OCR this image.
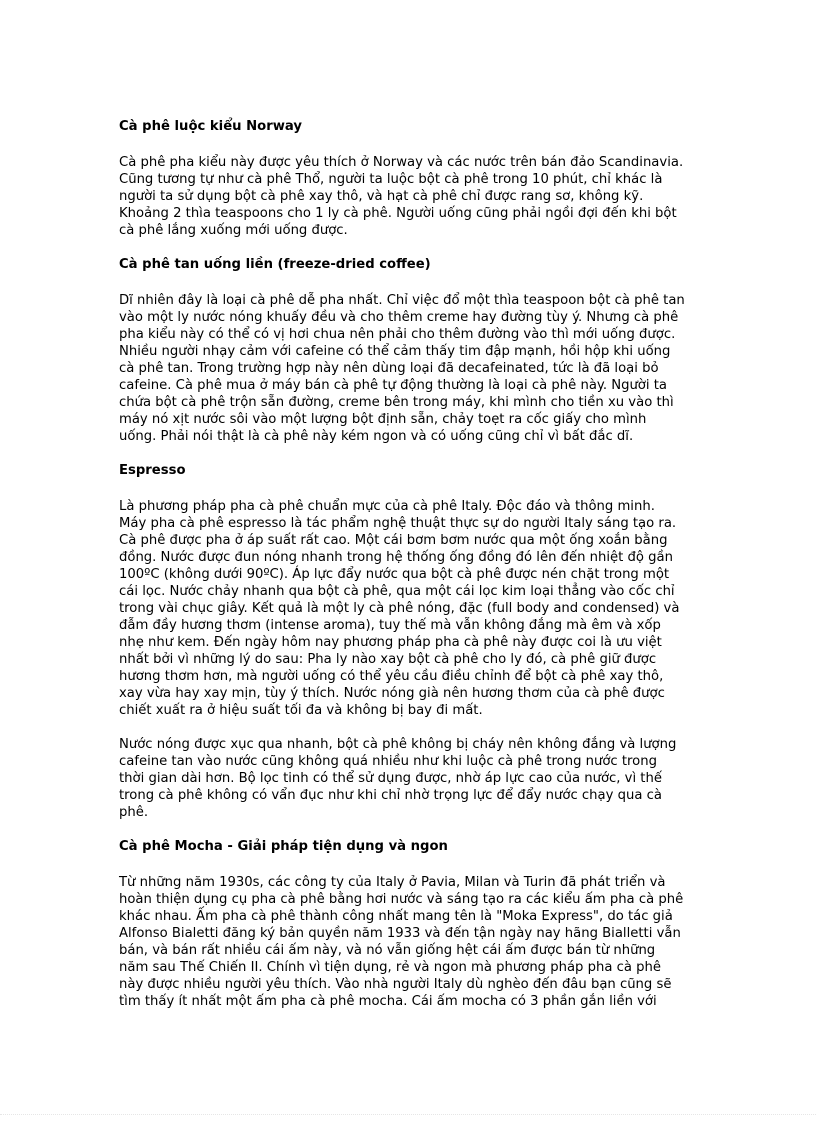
Cà phê luộc kiểu Norway
Cà phê pha kiểu này được yêu thích ở Norway và các nước trên bán đảo Scandinavia.
Cũng tương tự như cà phê Thổ, người ta luộc bột cà phê trong 10 phút, chỉ khác là
người ta sử dụng bột cà phê xay thô, và hạt cà phê chỉ được rang sơ, không kỹ.
Khoảng 2 thìa teaspoons cho 1 ly cà phê. Người uống cũng phải ngồi đợi đến khi bột
cà phê lắng xuống mới uống được.
Cà phê tan uống liền (freeze-dried coffee)
Dĩ nhiên đây là loại cà phê dễ pha nhất. Chỉ việc đổ một thìa teaspoon bột cà phê tan
vào một ly nước nóng khuấy đều và cho thêm creme hay đường tùy ý. Nhưng cà phê
pha kiểu này có thể có vị hơi chua nên phải cho thêm đường vào thì mới uống được.
Nhiều người nhạy cảm với cafeine có thể cảm thấy tim đập mạnh, hồi hộp khi uống
cà phê tan. Trong trường hợp này nên dùng loại đã decafeinated, tức là đã loại bỏ
cafeine. Cà phê mua ở máy bán cà phê tự động thường là loại cà phê này. Người ta
chứa bột cà phê trộn sẵn đường, creme bên trong máy, khi mình cho tiền xu vào thì
máy nó xịt nước sôi vào một lượng bột định sẵn, chảy toẹt ra cốc giấy cho mình
uống. Phải nói thật là cà phê này kém ngon và có uống cũng chỉ vì bất đắc dĩ.
Espresso
Là phương pháp pha cà phê chuẩn mực của cà phê Italy. Độc đáo và thông minh.
Máy pha cà phê espresso là tác phẩm nghệ thuật thực sự do người Italy sáng tạo ra.
Cà phê được pha ở áp suất rất cao. Một cái bơm bơm nước qua một ống xoắn bằng
đồng. Nước được đun nóng nhanh trong hệ thống ống đồng đó lên đến nhiệt độ gần
100ºC (không dưới 90ºC). Áp lực đẩy nước qua bột cà phê được nén chặt trong một
cái lọc. Nước chảy nhanh qua bột cà phê, qua một cái lọc kim loại thẳng vào cốc chỉ
trong vài chục giây. Kết quả là một ly cà phê nóng, đặc (full body and condensed) và
đẫm đầy hương thơm (intense aroma), tuy thế mà vẫn không đắng mà êm và xốp
nhẹ như kem. Đến ngày hôm nay phương pháp pha cà phê này được coi là ưu việt
nhất bởi vì những lý do sau: Pha ly nào xay bột cà phê cho ly đó, cà phê giữ được
hương thơm hơn, mà người uống có thể yêu cầu điều chỉnh để bột cà phê xay thô,
xay vừa hay xay mịn, tùy ý thích. Nước nóng già nên hương thơm của cà phê được
chiết xuất ra ở hiệu suất tối đa và không bị bay đi mất.
Nước nóng được xục qua nhanh, bột cà phê không bị cháy nên không đắng và lượng
cafeine tan vào nước cũng không quá nhiều như khi luộc cà phê trong nước trong
thời gian dài hơn. Bộ lọc tinh có thể sử dụng được, nhờ áp lực cao của nước, vì thế
trong cà phê không có vẩn đục như khi chỉ nhờ trọng lực để đẩy nước chạy qua cà
phê.
Cà phê Mocha - Giải pháp tiện dụng và ngon
Từ những năm 1930s, các công ty của Italy ở Pavia, Milan và Turin đã phát triển và
hoàn thiện dụng cụ pha cà phê bằng hơi nước và sáng tạo ra các kiểu ấm pha cà phê
khác nhau. Ấm pha cà phê thành công nhất mang tên là "Moka Express", do tác giả
Alfonso Bialetti đăng ký bản quyền năm 1933 và đến tận ngày nay hãng Bialletti vẫn
bán, và bán rất nhiều cái ấm này, và nó vẫn giống hệt cái ấm được bán từ những
năm sau Thế Chiến II. Chính vì tiện dụng, rẻ và ngon mà phương pháp pha cà phê
này được nhiều người yêu thích. Vào nhà người Italy dù nghèo đến đâu bạn cũng sẽ
tìm thấy ít nhất một ấm pha cà phê mocha. Cái ấm mocha có 3 phần gắn liền với
